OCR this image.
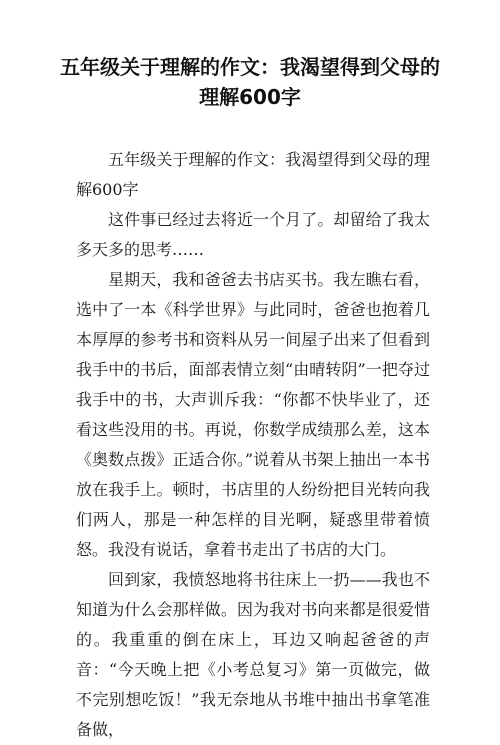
五年级关于理解的作文：我渴望得到父母的理解600字

五年级关于理解的作文：我渴望得到父母的理解600字

这件事已经过去将近一个月了。却留给了我太多天多的思考……

星期天，我和爸爸去书店买书。我左瞧右看，选中了一本《科学世界》与此同时，爸爸也抱着几本厚厚的参考书和资料从另一间屋子出来了但看到我手中的书后，面部表情立刻“由晴转阴”一把夺过我手中的书，大声训斥我：“你都不快毕业了，还看这些没用的书。再说，你数学成绩那么差，这本《奥数点拨》正适合你。”说着从书架上抽出一本书放在我手上。顿时，书店里的人纷纷把目光转向我们两人，那是一种怎样的目光啊，疑惑里带着愤怒。我没有说话，拿着书走出了书店的大门。

回到家，我愤怒地将书往床上一扔——我也不知道为什么会那样做。因为我对书向来都是很爱惜的。我重重的倒在床上，耳边又响起爸爸的声音：“今天晚上把《小考总复习》第一页做完，做不完别想吃饭！”我无奈地从书堆中抽出书拿笔准备做，
